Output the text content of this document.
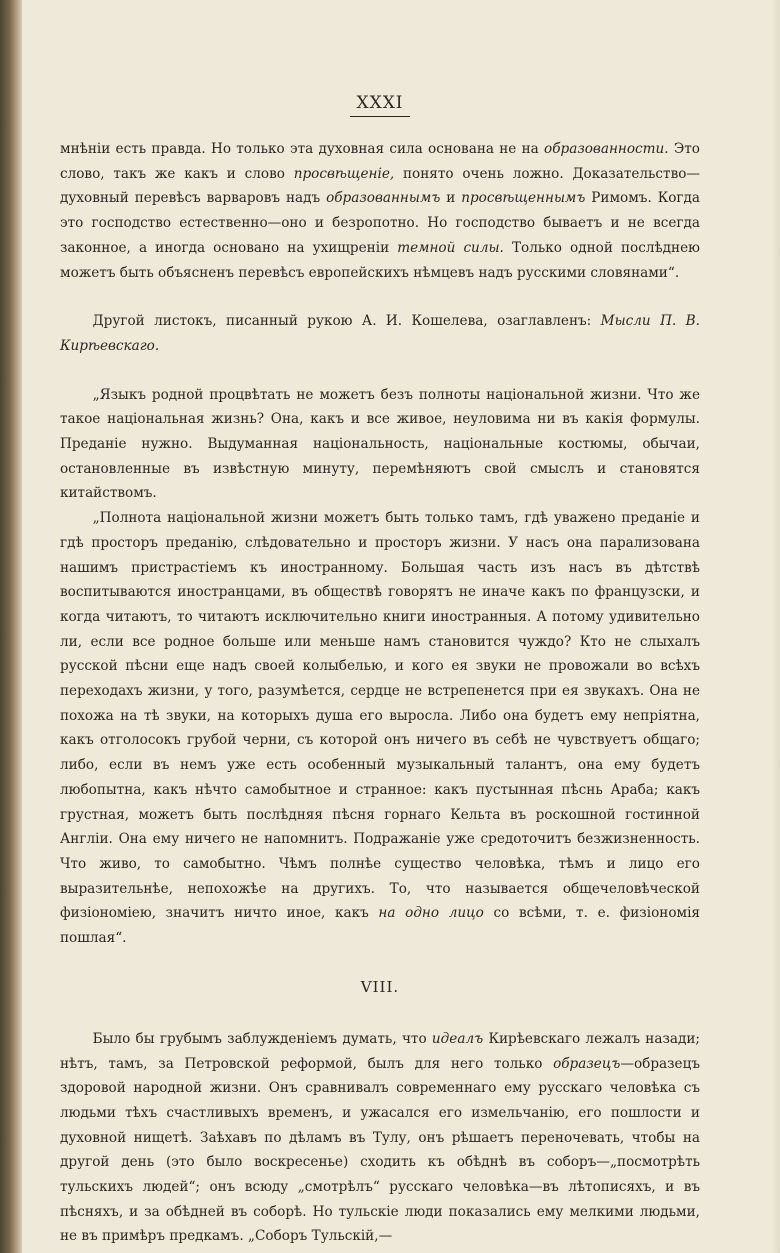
XXXI

мнѣніи есть правда. Но только эта духовная сила основана не на образованности. Это слово, такъ же какъ и слово просвѣщеніе, понято очень ложно. Доказательство—духовный перевѣсъ варваровъ надъ образованнымъ и просвѣщеннымъ Римомъ. Когда это господство естественно—оно и безропотно. Но господство бываетъ и не всегда законное, а иногда основано на ухищреніи темной силы. Только одной послѣднею можетъ быть объясненъ перевѣсъ европейскихъ нѣмцевъ надъ русскими словянами“.

Другой листокъ, писанный рукою А. И. Кошелева, озаглавленъ: Мысли П. В. Кирѣевскаго.

„Языкъ родной процвѣтать не можетъ безъ полноты національной жизни. Что же такое національная жизнь? Она, какъ и все живое, неуловима ни въ какія формулы. Преданіе нужно. Выдуманная національность, національные костюмы, обычаи, остановленные въ извѣстную минуту, перемѣняютъ свой смыслъ и становятся китайствомъ.

„Полнота національной жизни можетъ быть только тамъ, гдѣ уважено преданіе и гдѣ просторъ преданію, слѣдовательно и просторъ жизни. У насъ она парализована нашимъ пристрастіемъ къ иностранному. Большая часть изъ насъ въ дѣтствѣ воспитываются иностранцами, въ обществѣ говорятъ не иначе какъ по французски, и когда читаютъ, то читаютъ исключительно книги иностранныя. А потому удивительно ли, если все родное больше или меньше намъ становится чуждо? Кто не слыхалъ русской пѣсни еще надъ своей колыбелью, и кого ея звуки не провожали во всѣхъ переходахъ жизни, у того, разумѣется, сердце не встрепенется при ея звукахъ. Она не похожа на тѣ звуки, на которыхъ душа его выросла. Либо она будетъ ему непріятна, какъ отголосокъ грубой черни, съ которой онъ ничего въ себѣ не чувствуетъ общаго; либо, если въ немъ уже есть особенный музыкальный талантъ, она ему будетъ любопытна, какъ нѣчто самобытное и странное: какъ пустынная пѣснь Араба; какъ грустная, можетъ быть послѣдняя пѣсня горнаго Кельта въ роскошной гостинной Англіи. Она ему ничего не напомнитъ. Подражаніе уже средоточитъ безжизненность. Что живо, то самобытно. Чѣмъ полнѣе существо человѣка, тѣмъ и лицо его выразительнѣе, непохожѣе на другихъ. То, что называется общечеловѣческой физіономіею, значитъ ничто иное, какъ на одно лицо со всѣми, т. е. физіономія пошлая“.

VIII.

Было бы грубымъ заблужденіемъ думать, что идеалъ Кирѣевскаго лежалъ назади; нѣтъ, тамъ, за Петровской реформой, былъ для него только образецъ—образецъ здоровой народной жизни. Онъ сравнивалъ современнаго ему русскаго человѣка съ людьми тѣхъ счастливыхъ временъ, и ужасался его измельчанію, его пошлости и духовной нищетѣ. Заѣхавъ по дѣламъ въ Тулу, онъ рѣшаетъ переночевать, чтобы на другой день (это было воскресенье) сходить къ обѣднѣ въ соборъ—„посмотрѣть тульскихъ людей“; онъ всюду „смотрѣлъ“ русскаго человѣка—въ лѣтописяхъ, и въ пѣсняхъ, и за обѣдней въ соборѣ. Но тульскіе люди показались ему мелкими людьми, не въ примѣръ предкамъ. „Соборъ Тульскій,—
